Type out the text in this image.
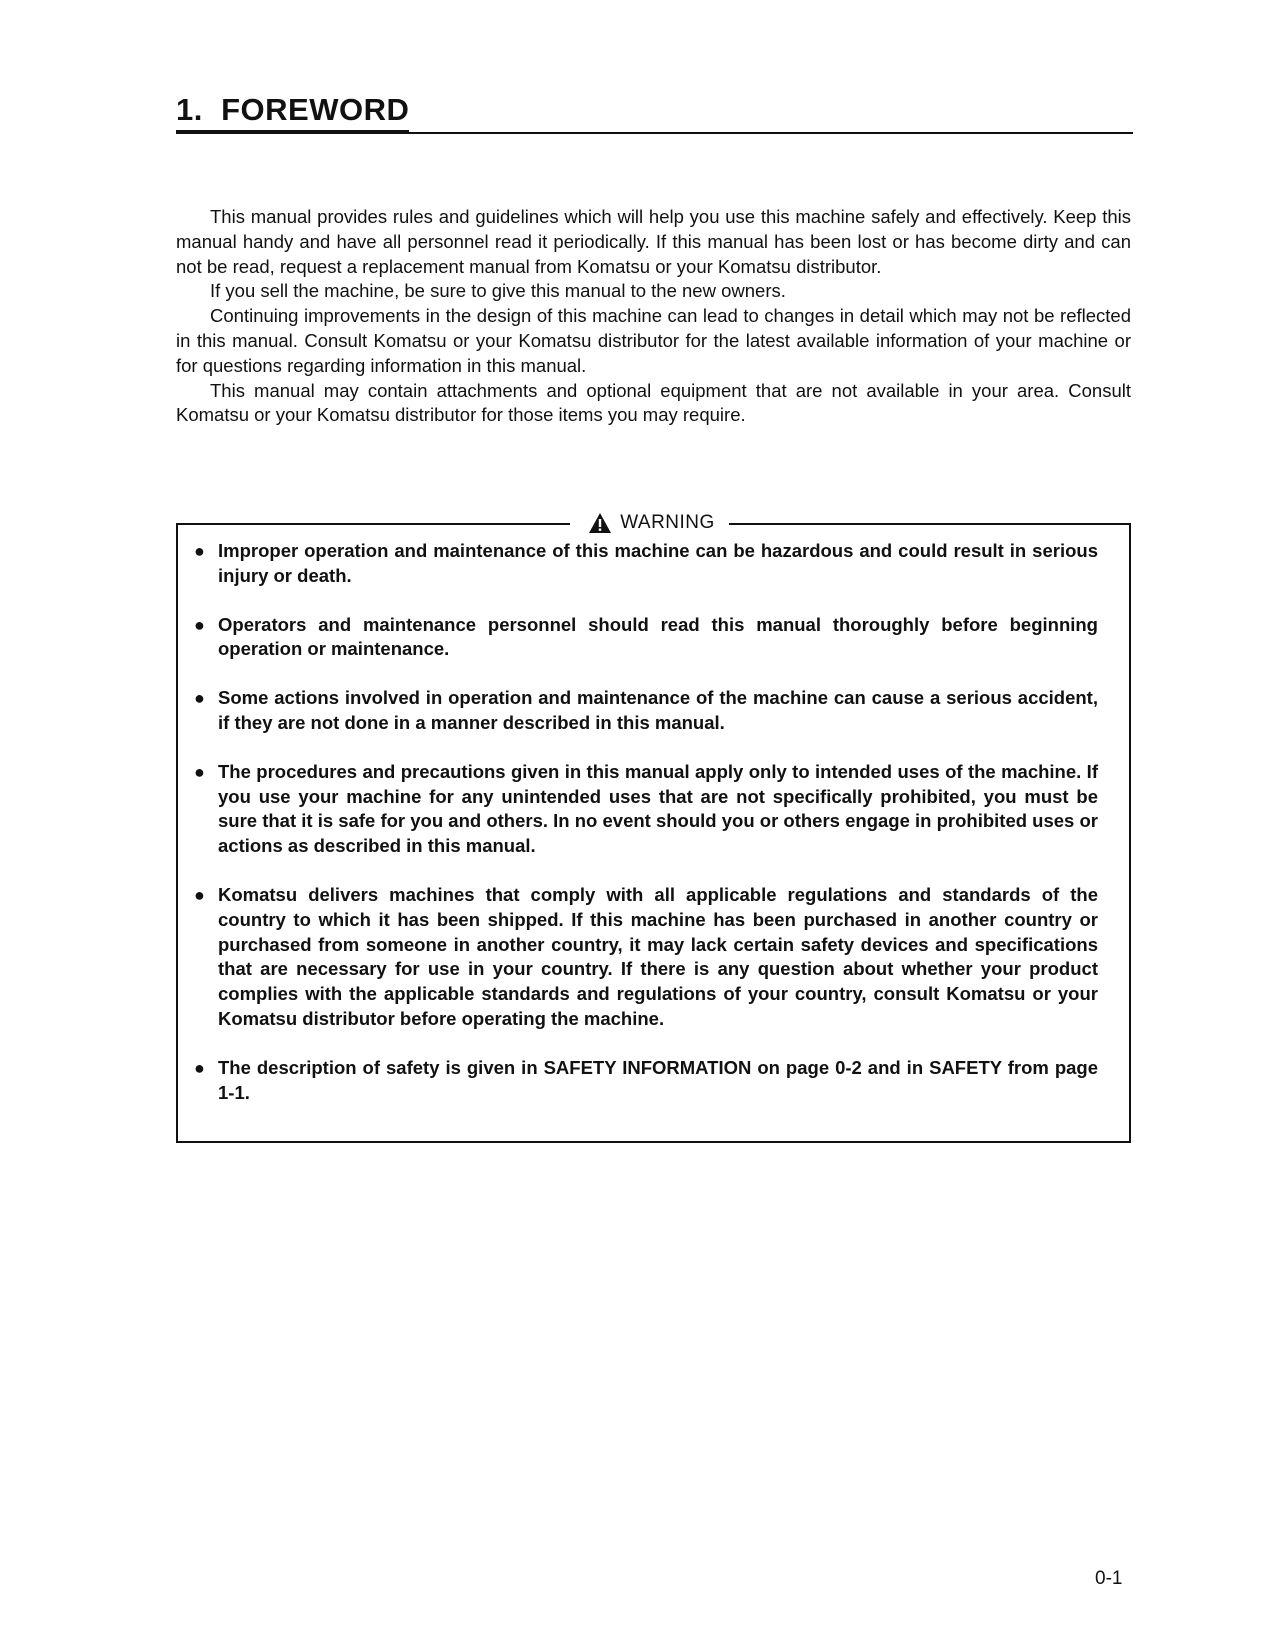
1. FOREWORD

This manual provides rules and guidelines which will help you use this machine safely and effectively. Keep this manual handy and have all personnel read it periodically. If this manual has been lost or has become dirty and can not be read, request a replacement manual from Komatsu or your Komatsu distributor.

If you sell the machine, be sure to give this manual to the new owners.

Continuing improvements in the design of this machine can lead to changes in detail which may not be reflected in this manual. Consult Komatsu or your Komatsu distributor for the latest available information of your machine or for questions regarding information in this manual.

This manual may contain attachments and optional equipment that are not available in your area. Consult Komatsu or your Komatsu distributor for those items you may require.

WARNING
● Improper operation and maintenance of this machine can be hazardous and could result in serious injury or death.
● Operators and maintenance personnel should read this manual thoroughly before beginning operation or maintenance.
● Some actions involved in operation and maintenance of the machine can cause a serious accident, if they are not done in a manner described in this manual.
● The procedures and precautions given in this manual apply only to intended uses of the machine. If you use your machine for any unintended uses that are not specifically prohibited, you must be sure that it is safe for you and others. In no event should you or others engage in prohibited uses or actions as described in this manual.
● Komatsu delivers machines that comply with all applicable regulations and standards of the country to which it has been shipped. If this machine has been purchased in another country or purchased from someone in another country, it may lack certain safety devices and specifications that are necessary for use in your country. If there is any question about whether your product complies with the applicable standards and regulations of your country, consult Komatsu or your Komatsu distributor before operating the machine.
● The description of safety is given in SAFETY INFORMATION on page 0-2 and in SAFETY from page 1-1.
0-1
